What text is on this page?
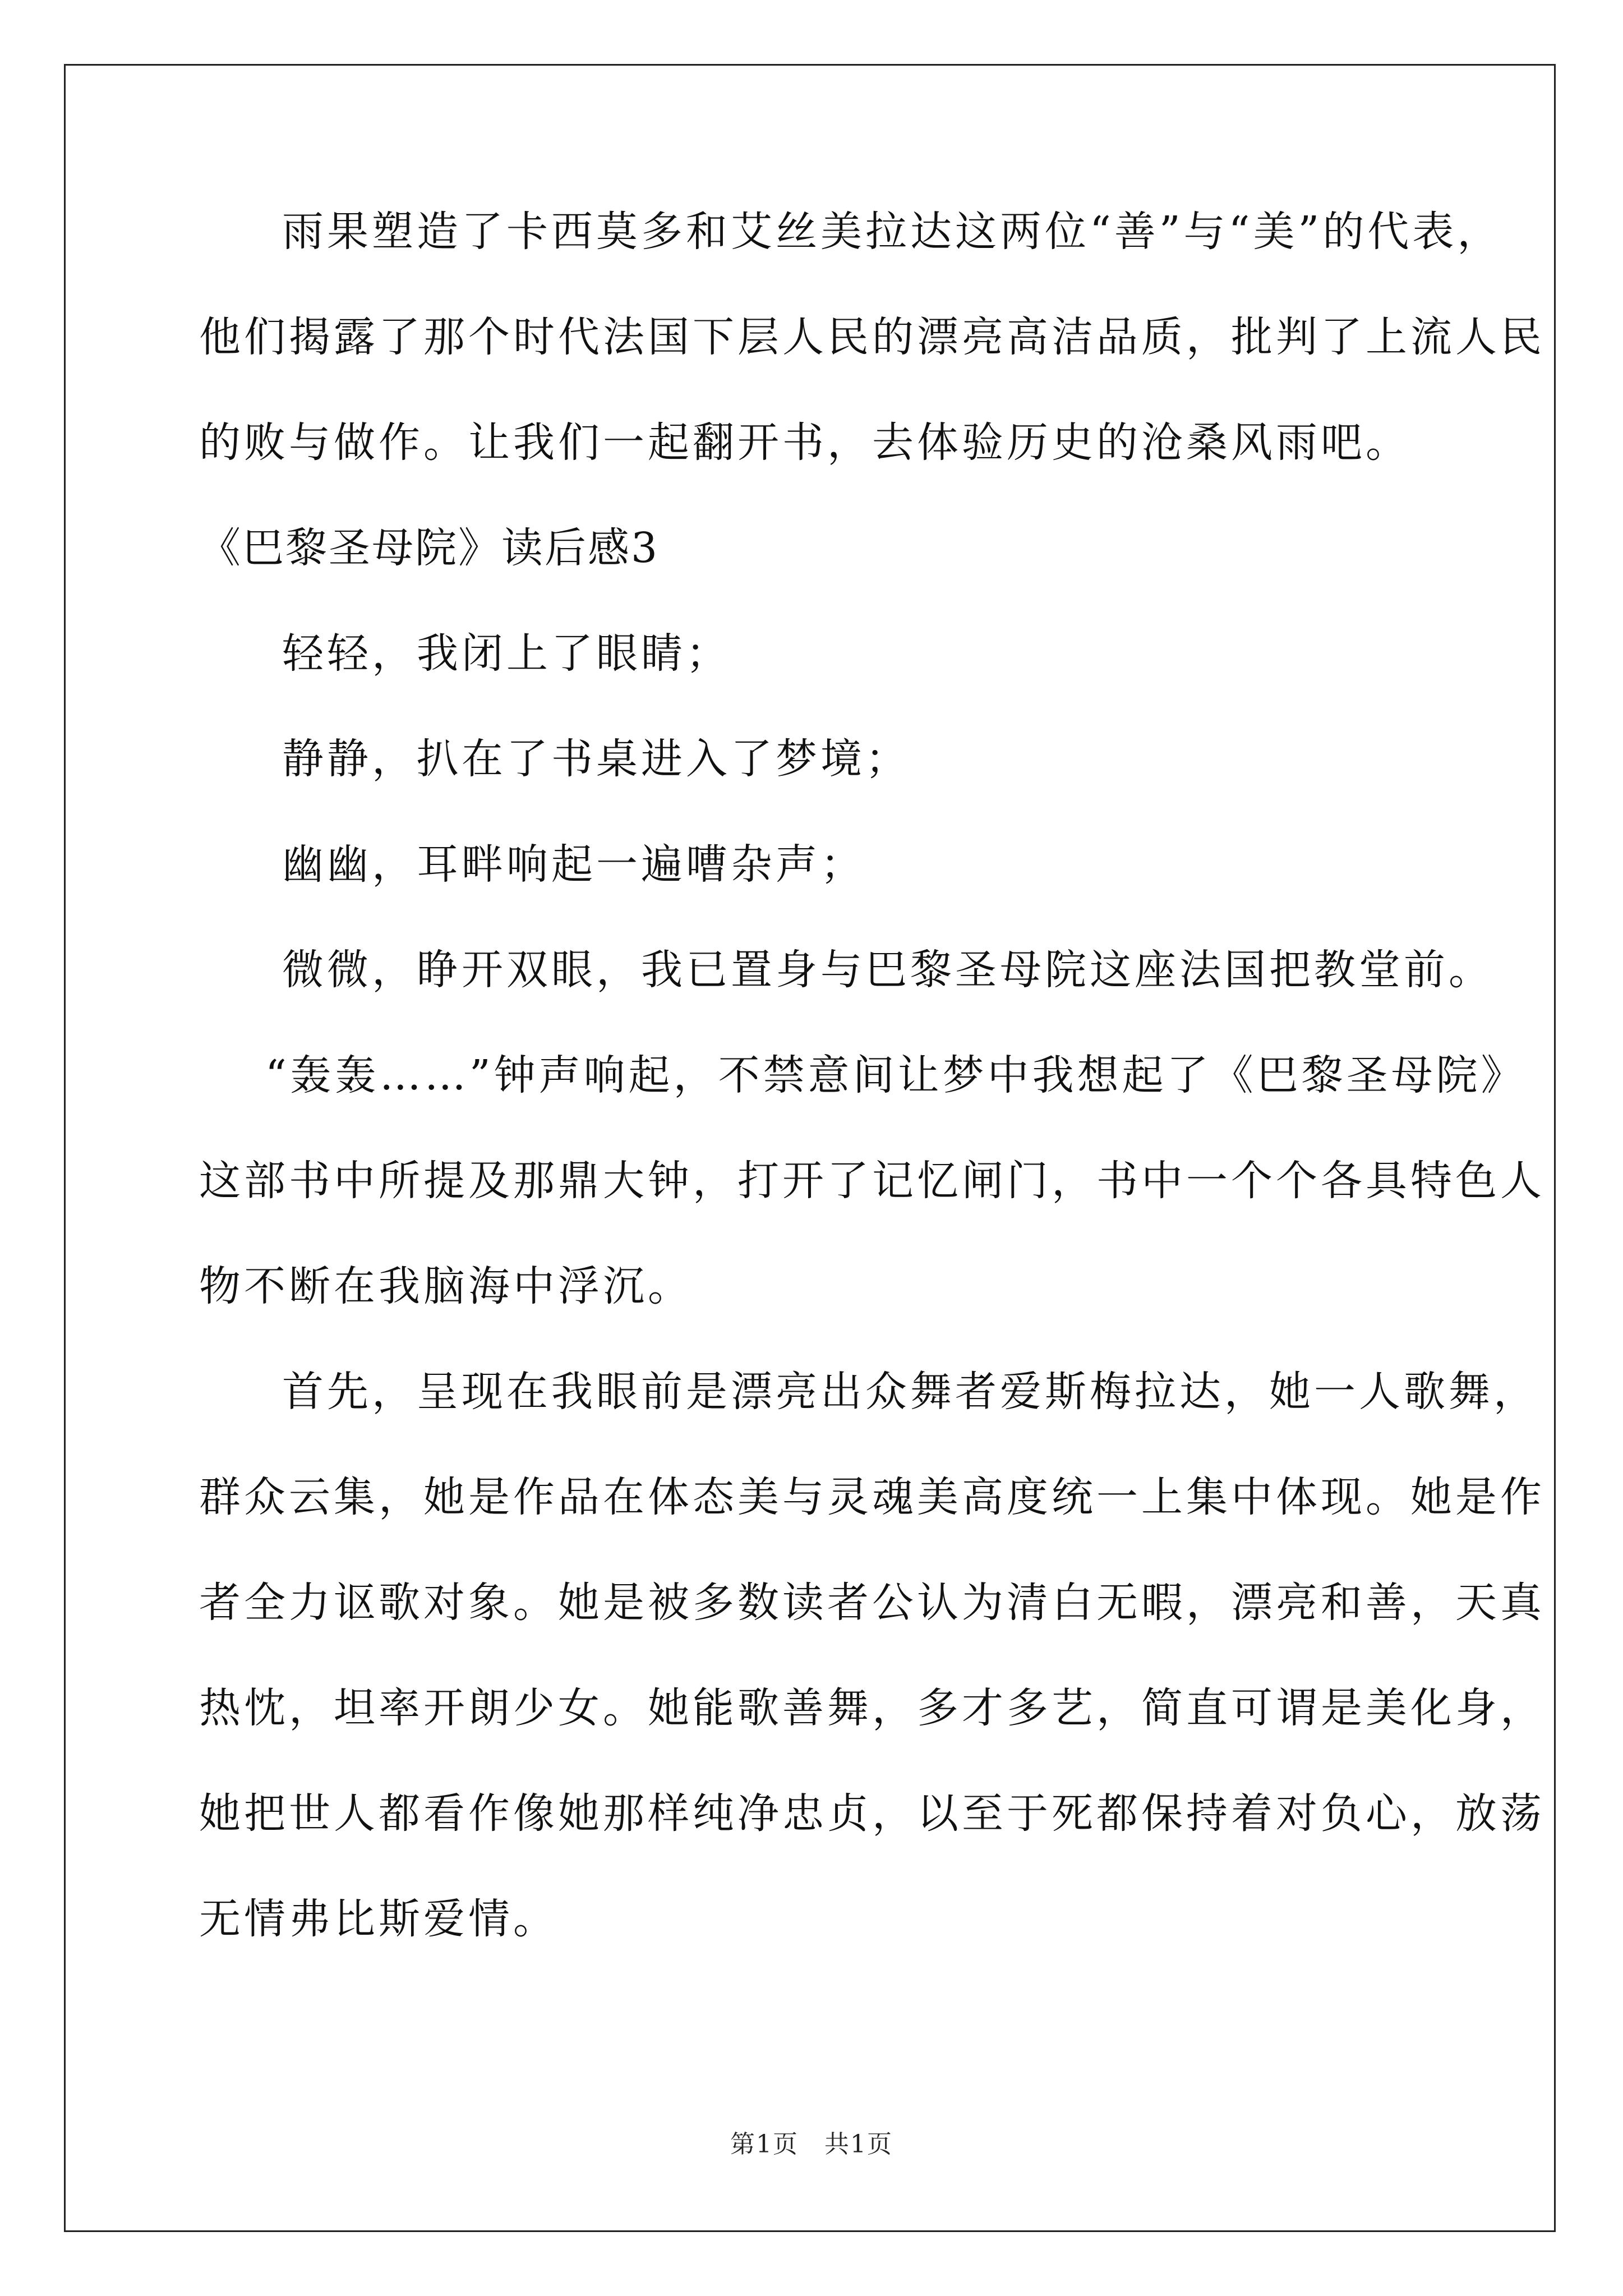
雨果塑造了卡西莫多和艾丝美拉达这两位“善”与“美”的代表，
他们揭露了那个时代法国下层人民的漂亮高洁品质，批判了上流人民
的败与做作。让我们一起翻开书，去体验历史的沧桑风雨吧。
《巴黎圣母院》读后感3
轻轻，我闭上了眼睛；
静静，扒在了书桌进入了梦境；
幽幽，耳畔响起一遍嘈杂声；
微微，睁开双眼，我已置身与巴黎圣母院这座法国把教堂前。
“轰轰……”钟声响起，不禁意间让梦中我想起了《巴黎圣母院》
这部书中所提及那鼎大钟，打开了记忆闸门，书中一个个各具特色人
物不断在我脑海中浮沉。
首先，呈现在我眼前是漂亮出众舞者爱斯梅拉达，她一人歌舞，
群众云集，她是作品在体态美与灵魂美高度统一上集中体现。她是作
者全力讴歌对象。她是被多数读者公认为清白无暇，漂亮和善，天真
热忱，坦率开朗少女。她能歌善舞，多才多艺，简直可谓是美化身，
她把世人都看作像她那样纯净忠贞，以至于死都保持着对负心，放荡
无情弗比斯爱情。
第1页　共1页
